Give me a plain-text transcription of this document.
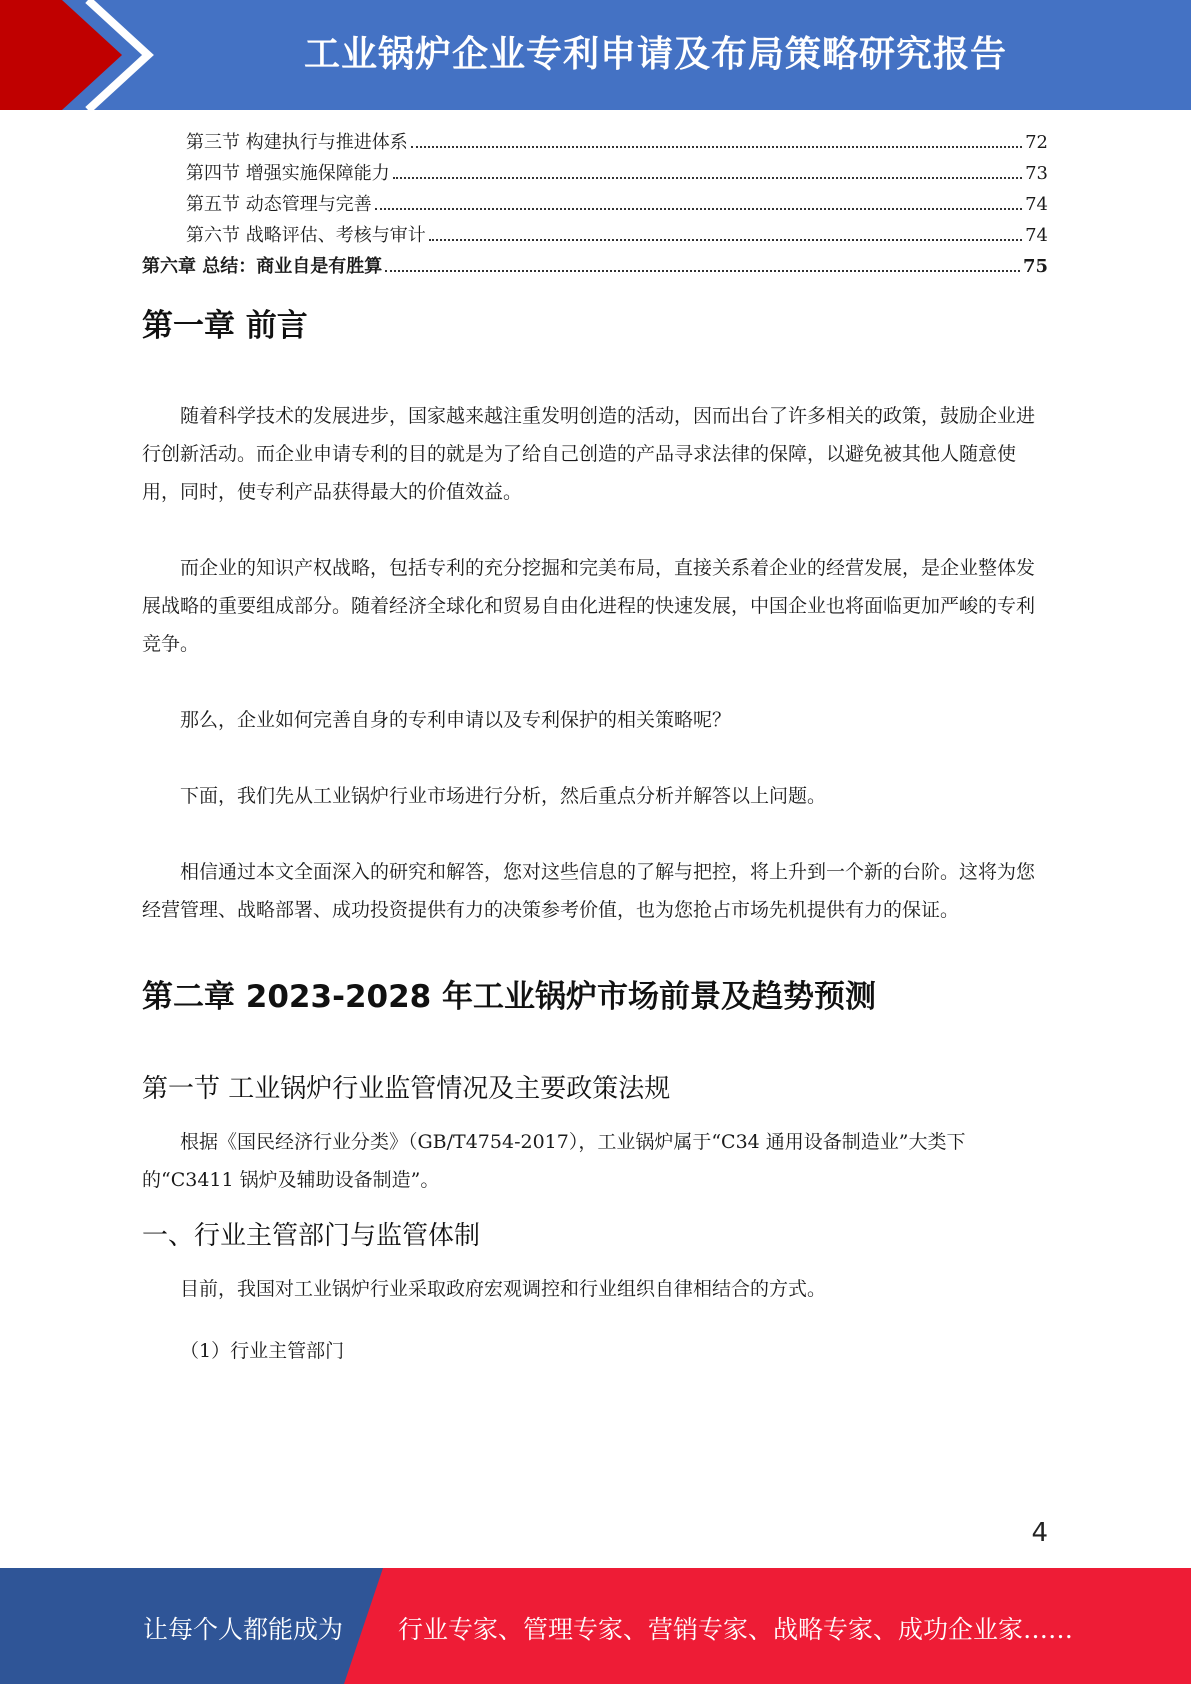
工业锅炉企业专利申请及布局策略研究报告
第三节 构建执行与推进体系	72
第四节 增强实施保障能力	73
第五节 动态管理与完善	74
第六节 战略评估、考核与审计	74
第六章 总结：商业自是有胜算	75
第一章 前言

随着科学技术的发展进步，国家越来越注重发明创造的活动，因而出台了许多相关的政策，鼓励企业进行创新活动。而企业申请专利的目的就是为了给自己创造的产品寻求法律的保障，以避免被其他人随意使用，同时，使专利产品获得最大的价值效益。

而企业的知识产权战略，包括专利的充分挖掘和完美布局，直接关系着企业的经营发展，是企业整体发展战略的重要组成部分。随着经济全球化和贸易自由化进程的快速发展，中国企业也将面临更加严峻的专利竞争。

那么，企业如何完善自身的专利申请以及专利保护的相关策略呢？

下面，我们先从工业锅炉行业市场进行分析，然后重点分析并解答以上问题。

相信通过本文全面深入的研究和解答，您对这些信息的了解与把控，将上升到一个新的台阶。这将为您经营管理、战略部署、成功投资提供有力的决策参考价值，也为您抢占市场先机提供有力的保证。

第二章 2023-2028 年工业锅炉市场前景及趋势预测
第一节 工业锅炉行业监管情况及主要政策法规

根据《国民经济行业分类》（GB/T4754-2017），工业锅炉属于“C34 通用设备制造业”大类下的“C3411 锅炉及辅助设备制造”。

一、行业主管部门与监管体制

目前，我国对工业锅炉行业采取政府宏观调控和行业组织自律相结合的方式。

（1）行业主管部门

4
让每个人都能成为 行业专家、管理专家、营销专家、战略专家、成功企业家……
